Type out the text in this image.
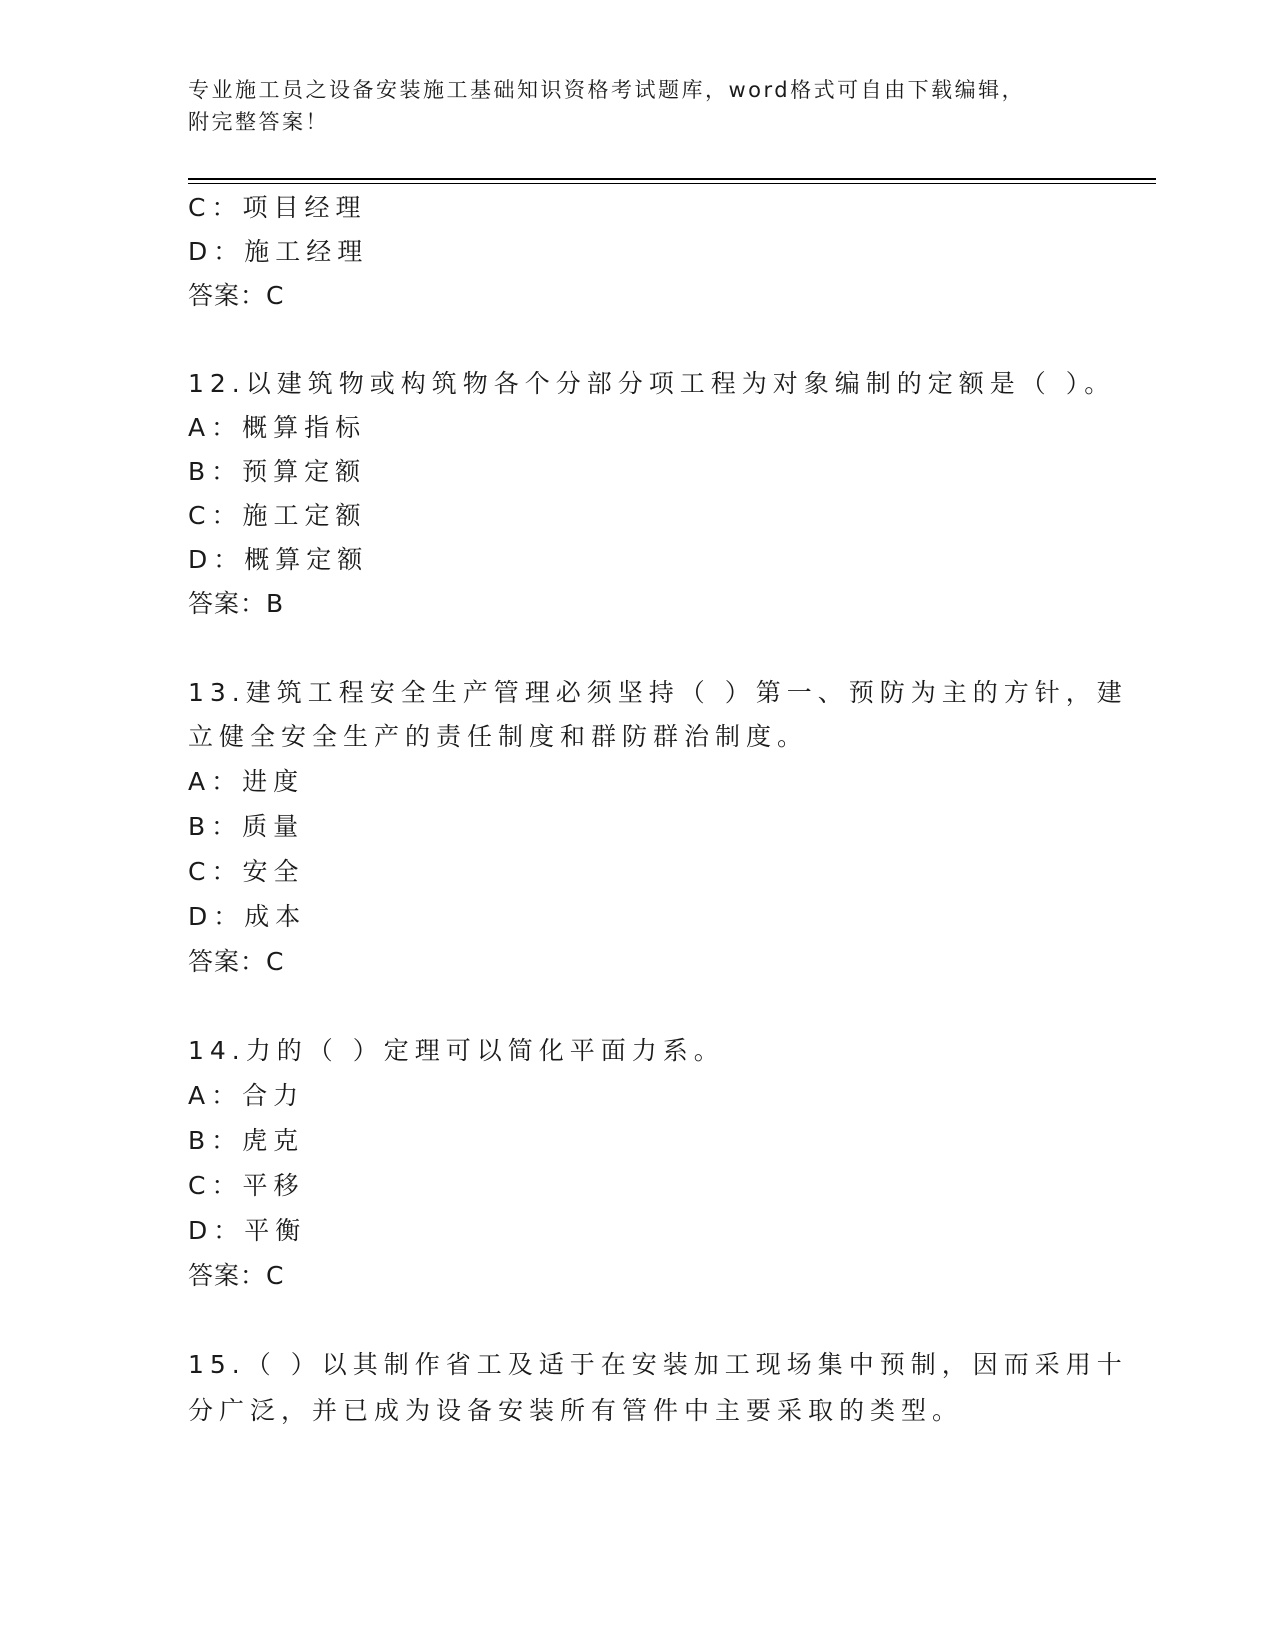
专业施工员之设备安装施工基础知识资格考试题库，word格式可自由下载编辑，
附完整答案！
C：项目经理
D：施工经理
答案：C
12.以建筑物或构筑物各个分部分项工程为对象编制的定额是（ ）。
A：概算指标
B：预算定额
C：施工定额
D：概算定额
答案：B
13.建筑工程安全生产管理必须坚持（ ）第一、预防为主的方针，建
立健全安全生产的责任制度和群防群治制度。
A：进度
B：质量
C：安全
D：成本
答案：C
14.力的（ ）定理可以简化平面力系。
A：合力
B：虎克
C：平移
D：平衡
答案：C
15.（ ）以其制作省工及适于在安装加工现场集中预制，因而采用十
分广泛，并已成为设备安装所有管件中主要采取的类型。
